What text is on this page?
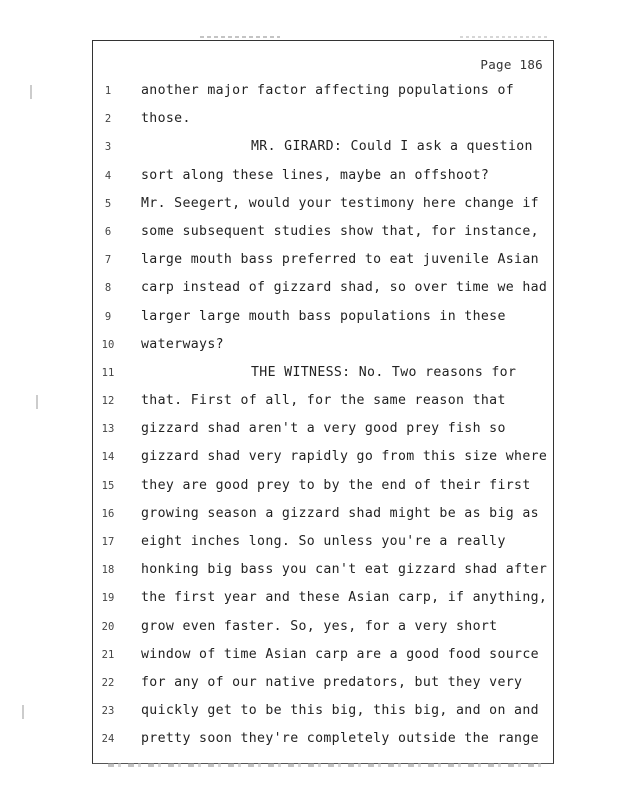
Page 186
1	another major factor affecting populations of
2	those.
3	MR. GIRARD: Could I ask a question
4	sort along these lines, maybe an offshoot?
5	Mr. Seegert, would your testimony here change if
6	some subsequent studies show that, for instance,
7	large mouth bass preferred to eat juvenile Asian
8	carp instead of gizzard shad, so over time we had
9	larger large mouth bass populations in these
10	waterways?
11	THE WITNESS: No. Two reasons for
12	that. First of all, for the same reason that
13	gizzard shad aren't a very good prey fish so
14	gizzard shad very rapidly go from this size where
15	they are good prey to by the end of their first
16	growing season a gizzard shad might be as big as
17	eight inches long. So unless you're a really
18	honking big bass you can't eat gizzard shad after
19	the first year and these Asian carp, if anything,
20	grow even faster. So, yes, for a very short
21	window of time Asian carp are a good food source
22	for any of our native predators, but they very
23	quickly get to be this big, this big, and on and
24	pretty soon they're completely outside the range
